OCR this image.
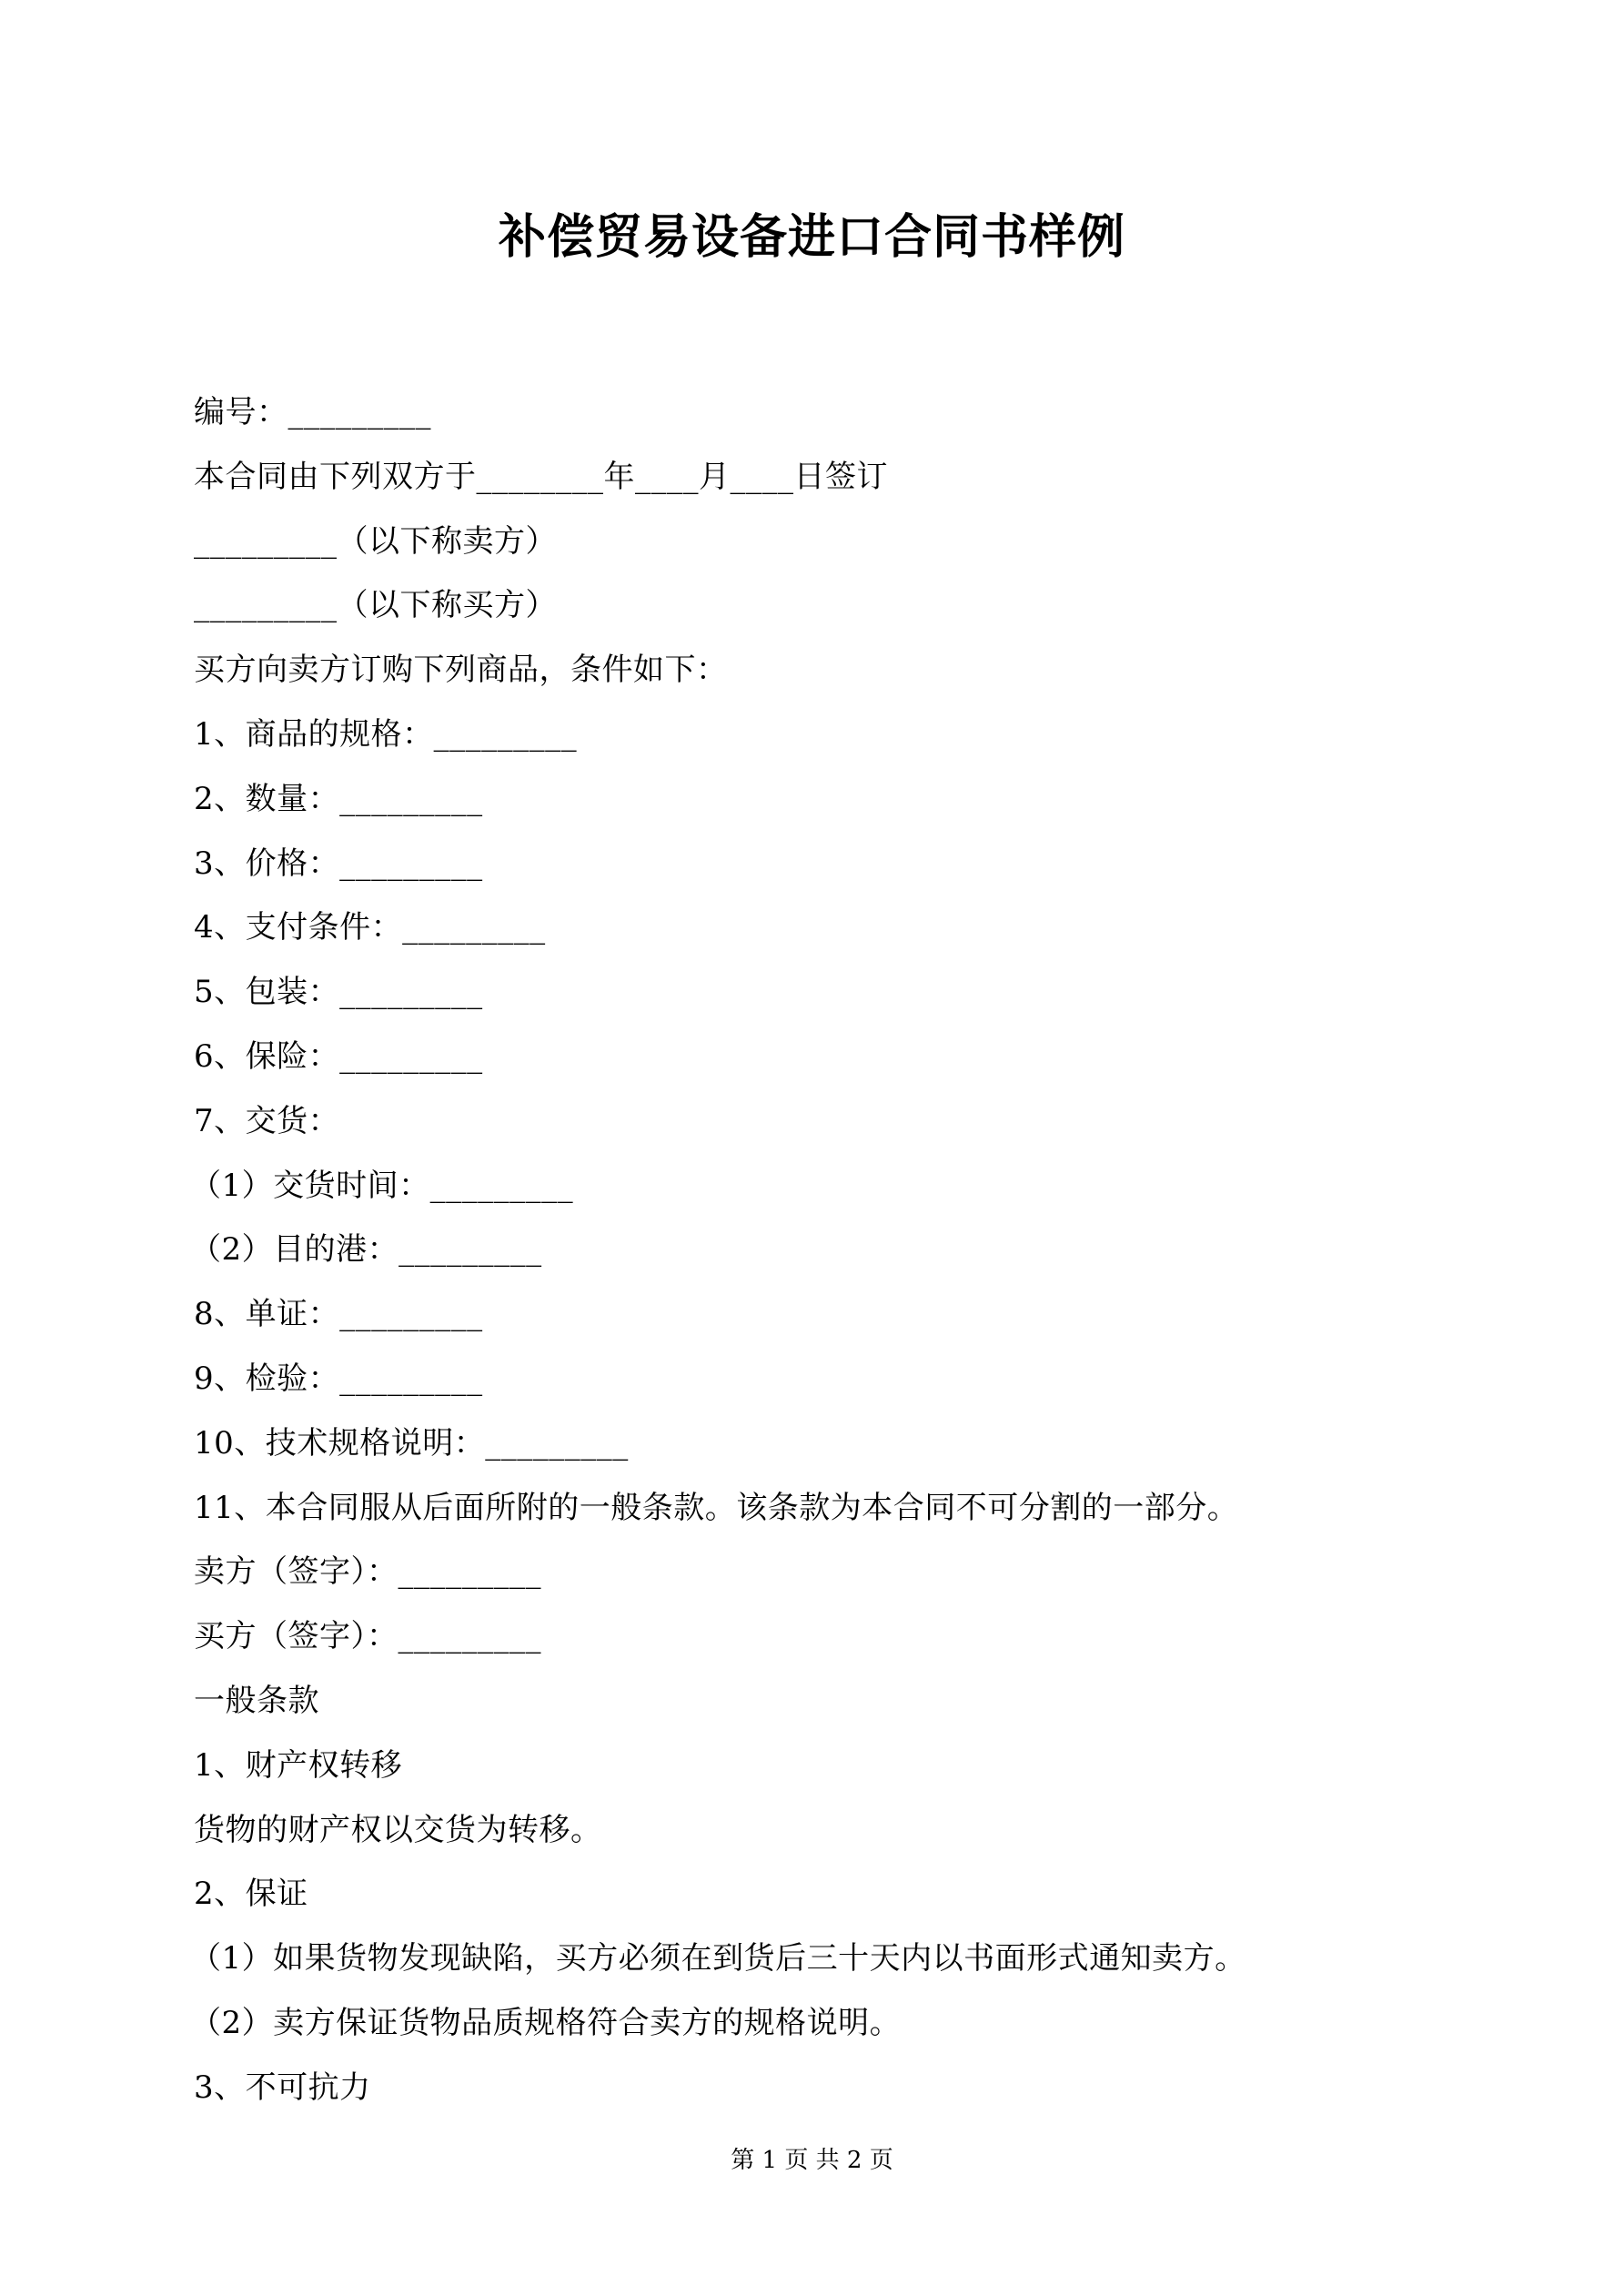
补偿贸易设备进口合同书样例
编号：_________
本合同由下列双方于________年____月____日签订
_________（以下称卖方）
_________（以下称买方）
买方向卖方订购下列商品，条件如下：
1、商品的规格：_________
2、数量：_________
3、价格：_________
4、支付条件：_________
5、包装：_________
6、保险：_________
7、交货：
（1）交货时间：_________
（2）目的港：_________
8、单证：_________
9、检验：_________
10、技术规格说明：_________
11、本合同服从后面所附的一般条款。该条款为本合同不可分割的一部分。
卖方（签字）：_________
买方（签字）：_________
一般条款
1、财产权转移
货物的财产权以交货为转移。
2、保证
（1）如果货物发现缺陷，买方必须在到货后三十天内以书面形式通知卖方。
（2）卖方保证货物品质规格符合卖方的规格说明。
3、不可抗力
第 1 页 共 2 页
